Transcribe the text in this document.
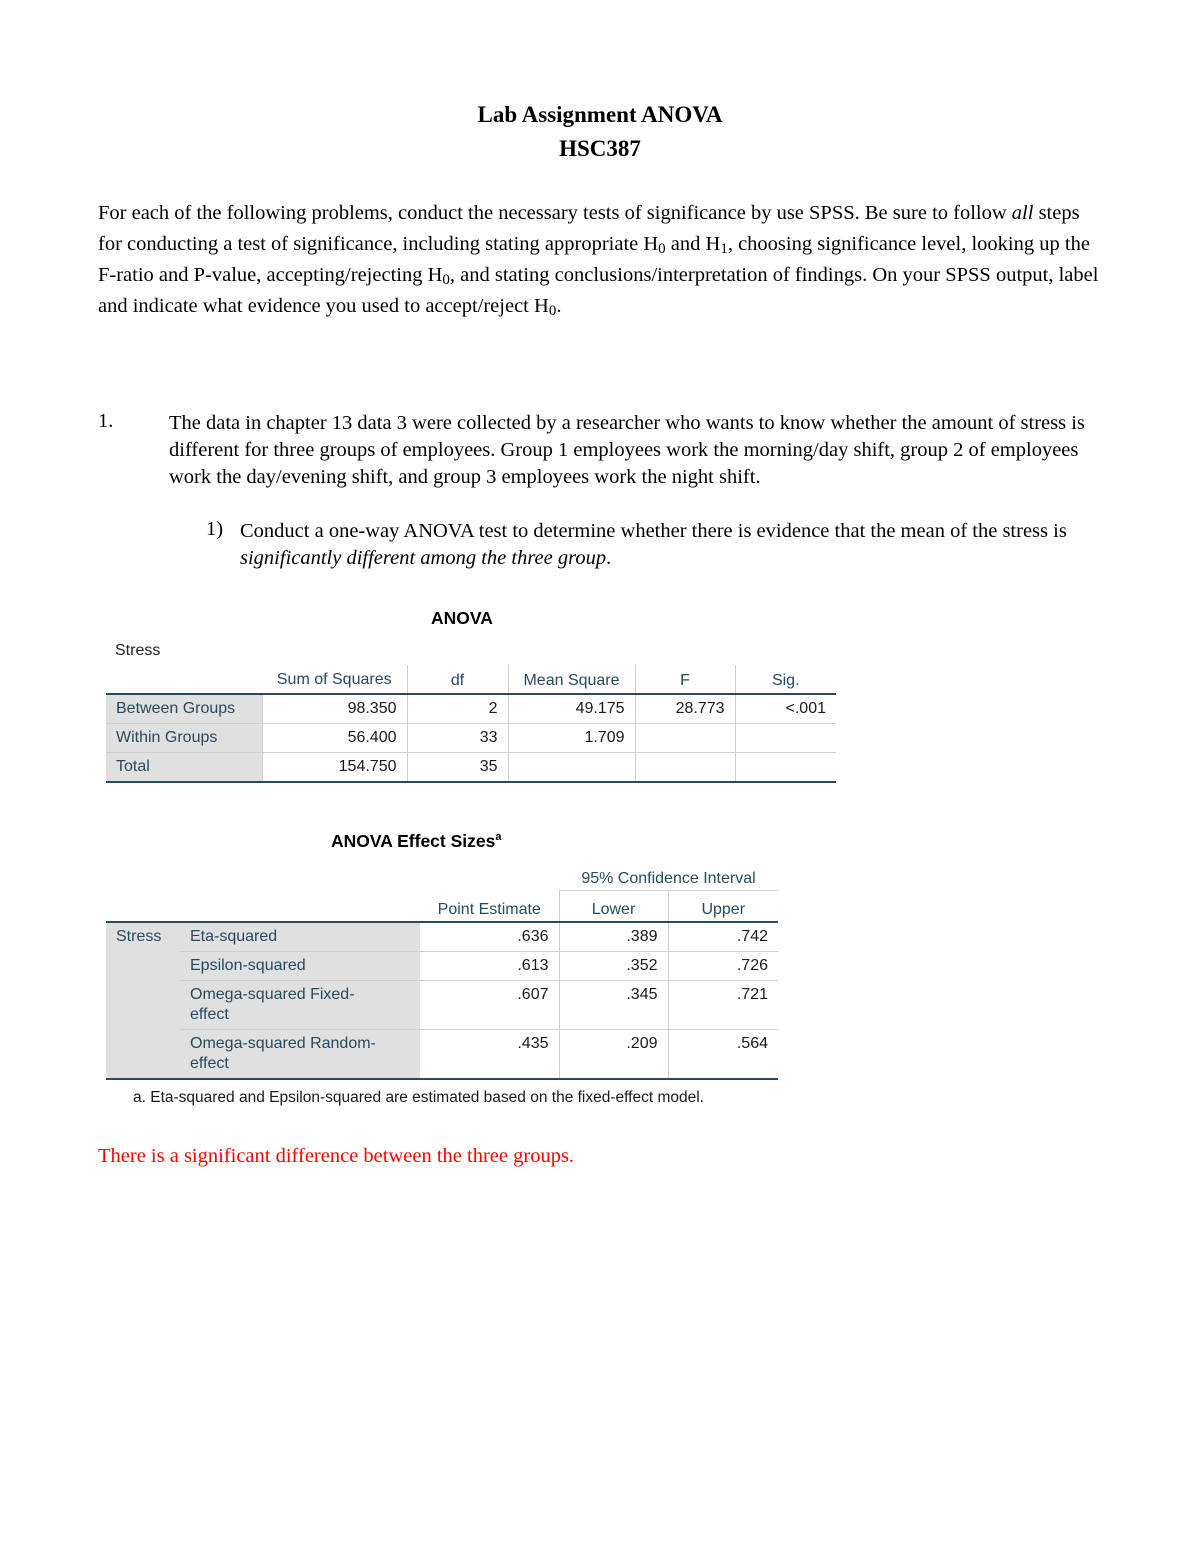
Lab Assignment ANOVA
HSC387
For each of the following problems, conduct the necessary tests of significance by use SPSS. Be sure to follow all steps for conducting a test of significance, including stating appropriate $H_0$ and $H_1$, choosing significance level, looking up the F-ratio and P-value, accepting/rejecting $H_0$, and stating conclusions/interpretation of findings. On your SPSS output, label and indicate what evidence you used to accept/reject $H_0$.
1.	The data in chapter 13 data 3 were collected by a researcher who wants to know whether the amount of stress is different for three groups of employees. Group 1 employees work the morning/day shift, group 2 of employees work the day/evening shift, and group 3 employees work the night shift.
1) Conduct a one-way ANOVA test to determine whether there is evidence that the mean of the stress is significantly different among the three group.
ANOVA
Stress
	Sum of Squares	df	Mean Square	F	Sig.
Between Groups	98.350	2	49.175	28.773	<.001
Within Groups	56.400	33	1.709		
Total	154.750	35			
ANOVA Effect Sizes$^a$
			95% Confidence Interval	
		Point Estimate	Lower	Upper
Stress	Eta-squared	.636	.389	.742
	Epsilon-squared	.613	.352	.726
	Omega-squared Fixed-effect	.607	.345	.721
	Omega-squared Random-effect	.435	.209	.564
a. Eta-squared and Epsilon-squared are estimated based on the fixed-effect model.
There is a significant difference between the three groups.
